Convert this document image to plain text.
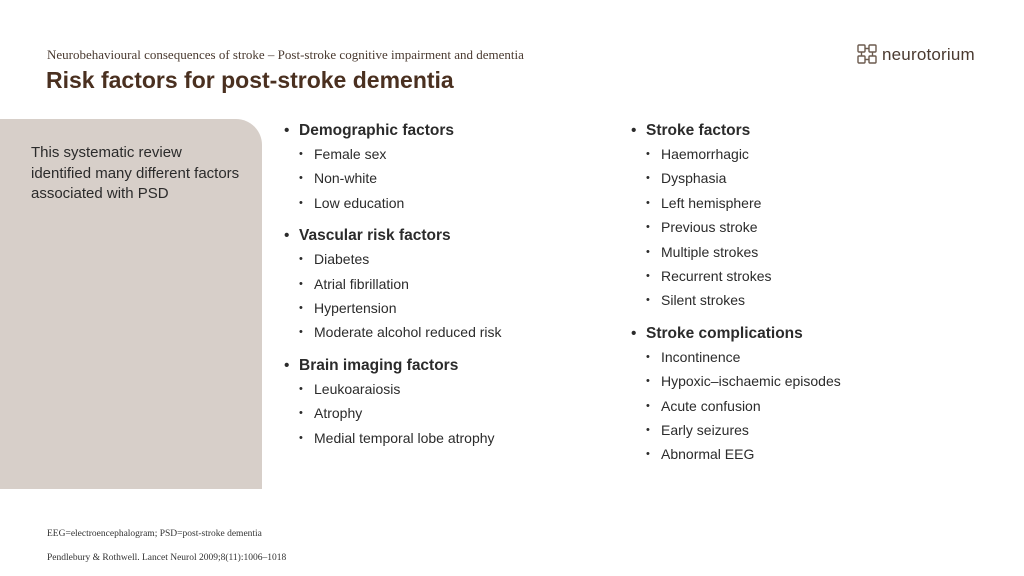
Neurobehavioural consequences of stroke – Post-stroke cognitive impairment and dementia
Risk factors for post-stroke dementia
neurotorium
This systematic review identified many different factors associated with PSD
• Demographic factors
• Female sex
• Non-white
• Low education
• Vascular risk factors
• Diabetes
• Atrial fibrillation
• Hypertension
• Moderate alcohol reduced risk
• Brain imaging factors
• Leukoaraiosis
• Atrophy
• Medial temporal lobe atrophy
• Stroke factors
• Haemorrhagic
• Dysphasia
• Left hemisphere
• Previous stroke
• Multiple strokes
• Recurrent strokes
• Silent strokes
• Stroke complications
• Incontinence
• Hypoxic–ischaemic episodes
• Acute confusion
• Early seizures
• Abnormal EEG
EEG=electroencephalogram; PSD=post-stroke dementia
Pendlebury & Rothwell. Lancet Neurol 2009;8(11):1006–1018
